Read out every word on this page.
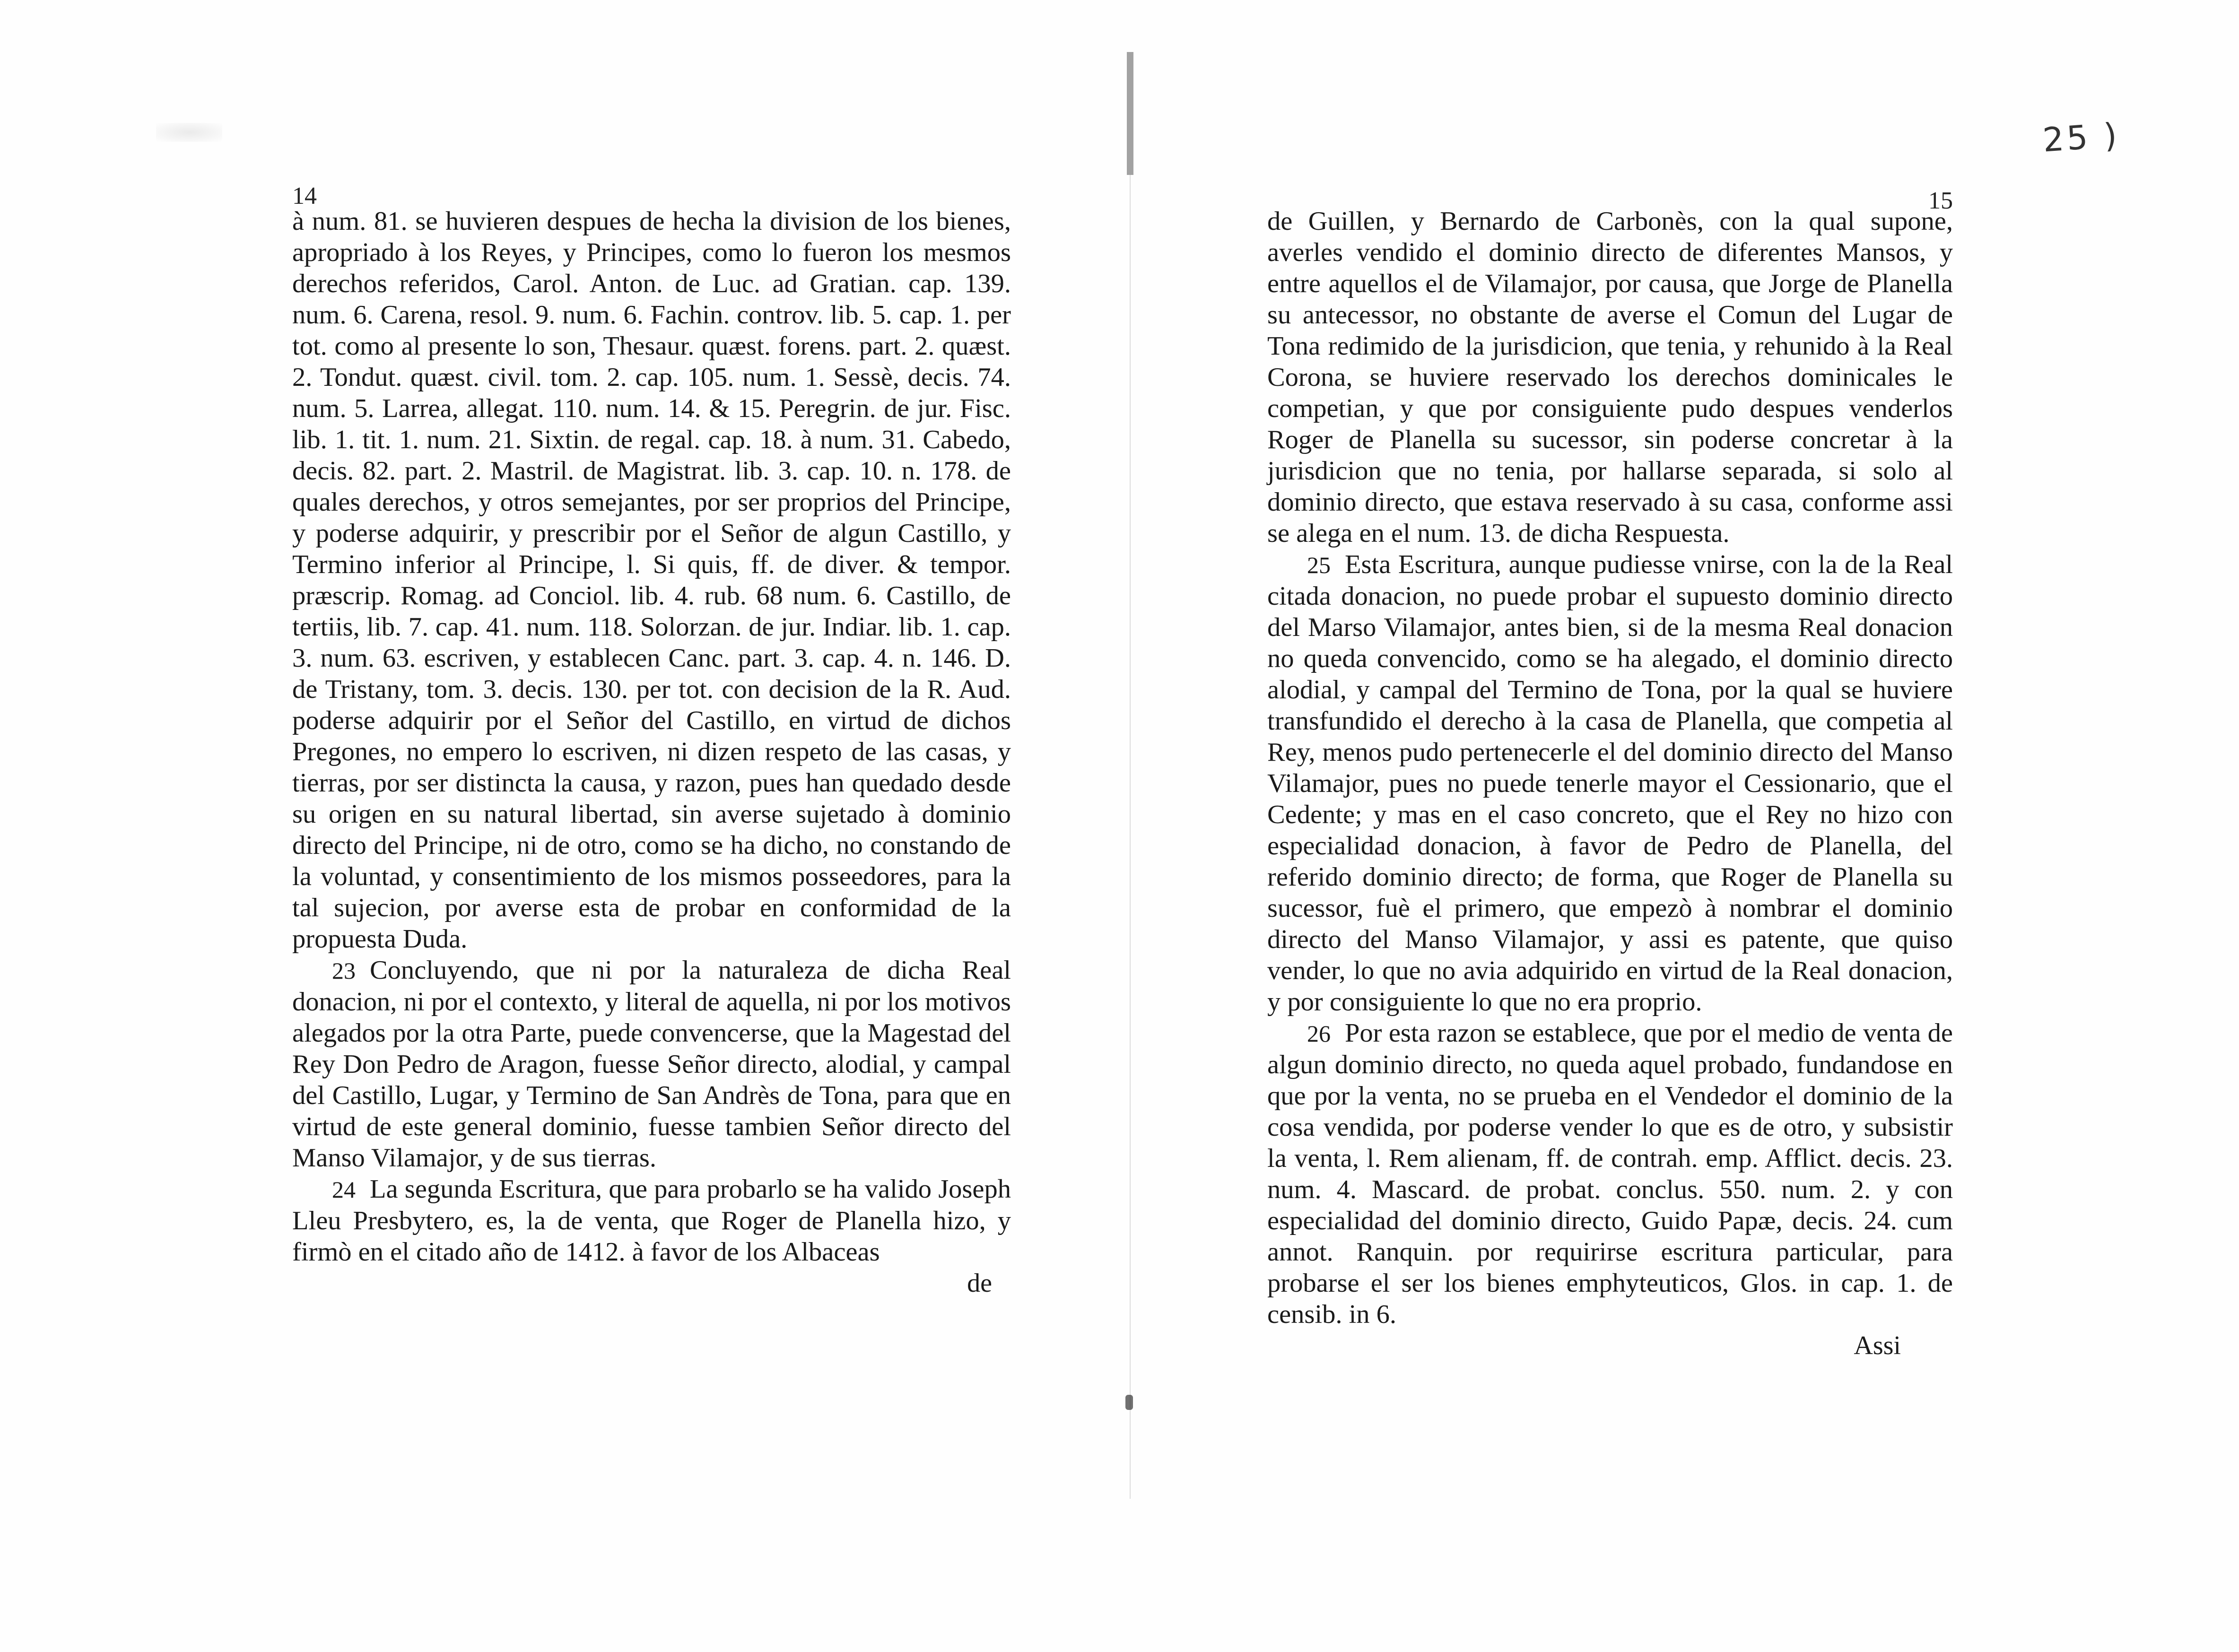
25 )
14

à num. 81. se huvieren despues de hecha la division de los bienes, apropriado à los Reyes, y Principes, como lo fueron los mesmos derechos referidos, Carol. Anton. de Luc. ad Gratian. cap. 139. num. 6. Carena, resol. 9. num. 6. Fachin. controv. lib. 5. cap. 1. per tot. como al presente lo son, Thesaur. quæst. forens. part. 2. quæst. 2. Tondut. quæst. civil. tom. 2. cap. 105. num. 1. Sessè, decis. 74. num. 5. Larrea, allegat. 110. num. 14. & 15. Peregrin. de jur. Fisc. lib. 1. tit. 1. num. 21. Sixtin. de regal. cap. 18. à num. 31. Cabedo, decis. 82. part. 2. Mastril. de Magistrat. lib. 3. cap. 10. n. 178. de quales derechos, y otros semejantes, por ser proprios del Principe, y poderse adquirir, y prescribir por el Señor de algun Castillo, y Termino inferior al Principe, l. Si quis, ff. de diver. & tempor. præscrip. Romag. ad Conciol. lib. 4. rub. 68 num. 6. Castillo, de tertiis, lib. 7. cap. 41. num. 118. Solorzan. de jur. Indiar. lib. 1. cap. 3. num. 63. escriven, y establecen Canc. part. 3. cap. 4. n. 146. D. de Tristany, tom. 3. decis. 130. per tot. con decision de la R. Aud. poderse adquirir por el Señor del Castillo, en virtud de dichos Pregones, no empero lo escriven, ni dizen respeto de las casas, y tierras, por ser distincta la causa, y razon, pues han quedado desde su origen en su natural libertad, sin averse sujetado à dominio directo del Principe, ni de otro, como se ha dicho, no constando de la voluntad, y consentimiento de los mismos posseedores, para la tal sujecion, por averse esta de probar en conformidad de la propuesta Duda.

23 Concluyendo, que ni por la naturaleza de dicha Real donacion, ni por el contexto, y literal de aquella, ni por los motivos alegados por la otra Parte, puede convencerse, que la Magestad del Rey Don Pedro de Aragon, fuesse Señor directo, alodial, y campal del Castillo, Lugar, y Termino de San Andrès de Tona, para que en virtud de este general dominio, fuesse tambien Señor directo del Manso Vilamajor, y de sus tierras.

24 La segunda Escritura, que para probarlo se ha valido Joseph Lleu Presbytero, es, la de venta, que Roger de Planella hizo, y firmò en el citado año de 1412. à favor de los Albaceas

de
15

de Guillen, y Bernardo de Carbonès, con la qual supone, averles vendido el dominio directo de diferentes Mansos, y entre aquellos el de Vilamajor, por causa, que Jorge de Planella su antecessor, no obstante de averse el Comun del Lugar de Tona redimido de la jurisdicion, que tenia, y rehunido à la Real Corona, se huviere reservado los derechos dominicales le competian, y que por consiguiente pudo despues venderlos Roger de Planella su sucessor, sin poderse concretar à la jurisdicion que no tenia, por hallarse separada, si solo al dominio directo, que estava reservado à su casa, conforme assi se alega en el num. 13. de dicha Respuesta.

25 Esta Escritura, aunque pudiesse vnirse, con la de la Real citada donacion, no puede probar el supuesto dominio directo del Marso Vilamajor, antes bien, si de la mesma Real donacion no queda convencido, como se ha alegado, el dominio directo alodial, y campal del Termino de Tona, por la qual se huviere transfundido el derecho à la casa de Planella, que competia al Rey, menos pudo pertenecerle el del dominio directo del Manso Vilamajor, pues no puede tenerle mayor el Cessionario, que el Cedente; y mas en el caso concreto, que el Rey no hizo con especialidad donacion, à favor de Pedro de Planella, del referido dominio directo; de forma, que Roger de Planella su sucessor, fuè el primero, que empezò à nombrar el dominio directo del Manso Vilamajor, y assi es patente, que quiso vender, lo que no avia adquirido en virtud de la Real donacion, y por consiguiente lo que no era proprio.

26 Por esta razon se establece, que por el medio de venta de algun dominio directo, no queda aquel probado, fundandose en que por la venta, no se prueba en el Vendedor el dominio de la cosa vendida, por poderse vender lo que es de otro, y subsistir la venta, l. Rem alienam, ff. de contrah. emp. Afflict. decis. 23. num. 4. Mascard. de probat. conclus. 550. num. 2. y con especialidad del dominio directo, Guido Papæ, decis. 24. cum annot. Ranquin. por requirirse escritura particular, para probarse el ser los bienes emphyteuticos, Glos. in cap. 1. de censib. in 6.

Assi
